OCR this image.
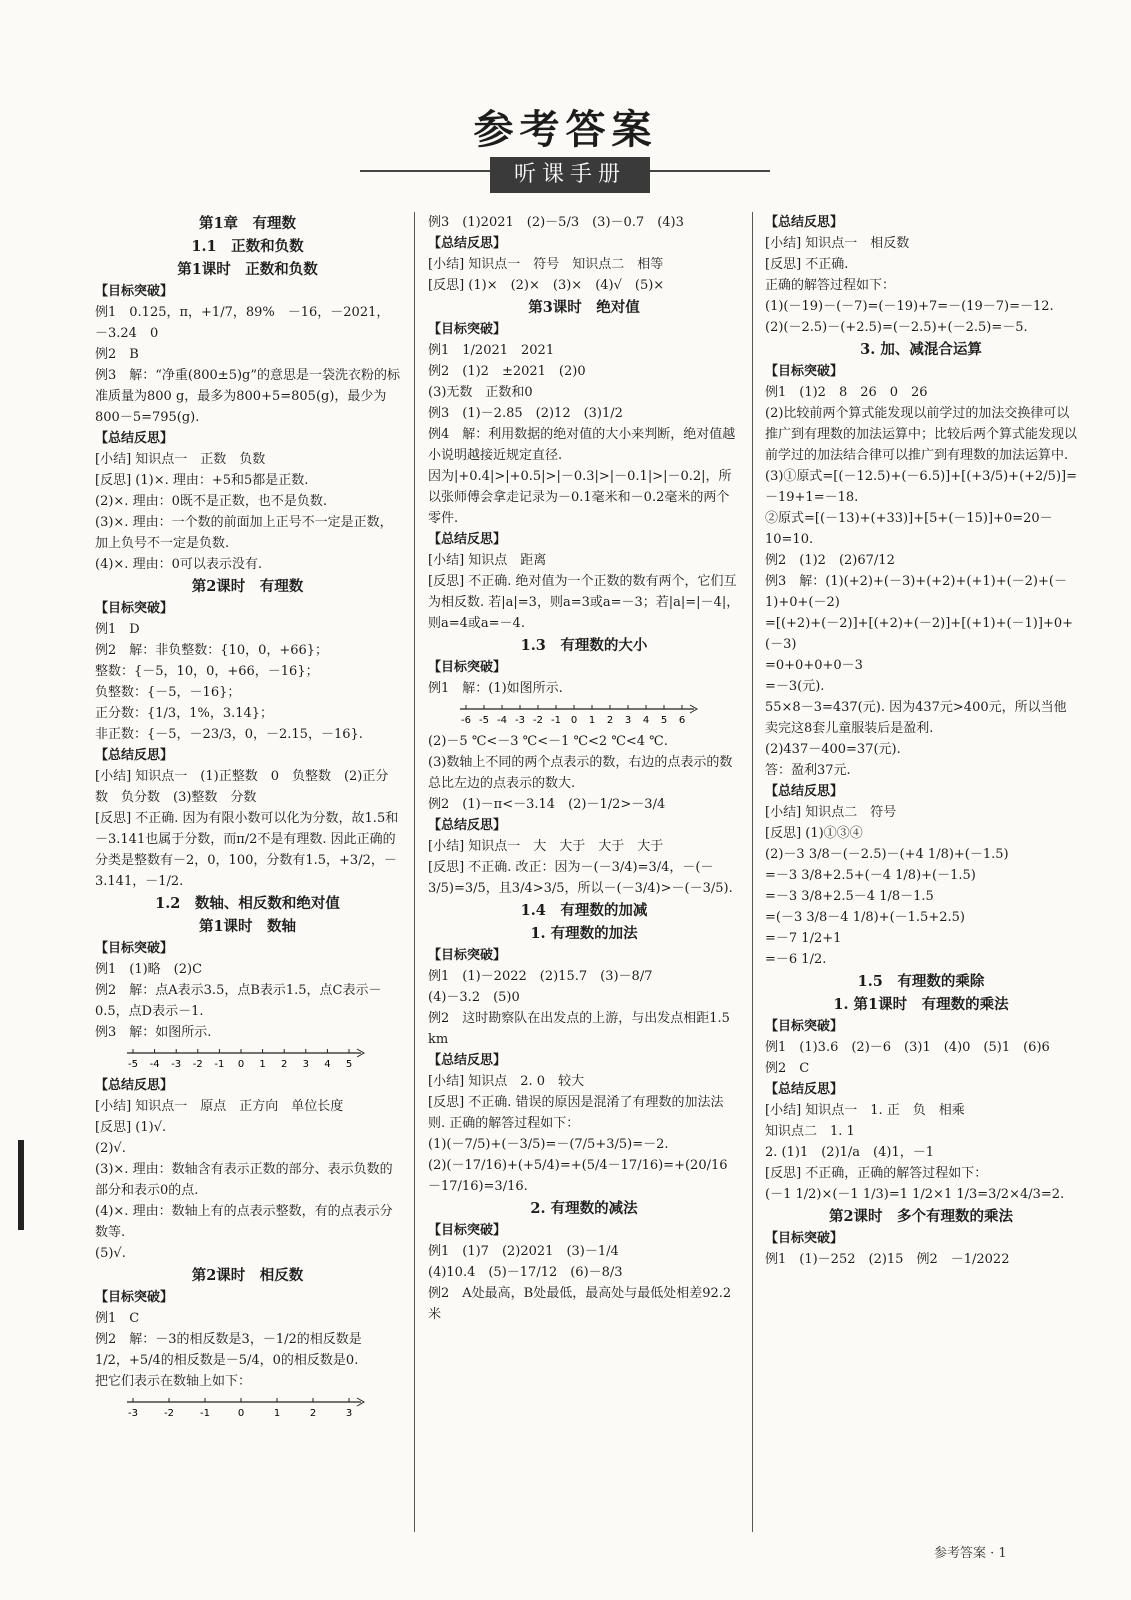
参考答案
听课手册
第1章　有理数
1.1　正数和负数
第1课时　正数和负数
【目标突破】
例1　0.125，π，+1/7，89%　－16，－2021，－3.24　0
例2　B
例3　解：“净重(800±5)g”的意思是一袋洗衣粉的标准质量为800 g，最多为800+5=805(g)，最少为800－5=795(g).
【总结反思】
[小结] 知识点一　正数　负数
[反思] (1)×. 理由：+5和5都是正数.
(2)×. 理由：0既不是正数，也不是负数.
(3)×. 理由：一个数的前面加上正号不一定是正数，加上负号不一定是负数.
(4)×. 理由：0可以表示没有.
第2课时　有理数
【目标突破】
例1　D
例2　解：非负整数：{10，0，+66}；
整数：{－5，10，0，+66，－16}；
负整数：{－5，－16}；
正分数：{1/3，1%，3.14}；
非正数：{－5，－23/3，0，－2.15，－16}.
【总结反思】
[小结] 知识点一　(1)正整数　0　负整数　(2)正分数　负分数　(3)整数　分数
[反思] 不正确. 因为有限小数可以化为分数，故1.5和－3.141也属于分数，而π/2不是有理数. 因此正确的分类是整数有－2，0，100，分数有1.5，+3/2，－3.141，－1/2.
1.2　数轴、相反数和绝对值
第1课时　数轴
【目标突破】
例1　(1)略　(2)C
例2　解：点A表示3.5，点B表示1.5，点C表示－0.5，点D表示－1.
例3　解：如图所示.
-5 -4 -3 -2 -1 0 1 2 3 4 5
【总结反思】
[小结] 知识点一　原点　正方向　单位长度
[反思] (1)√.
(2)√.
(3)×. 理由：数轴含有表示正数的部分、表示负数的部分和表示0的点.
(4)×. 理由：数轴上有的点表示整数，有的点表示分数等.
(5)√.
第2课时　相反数
【目标突破】
例1　C
例2　解：－3的相反数是3，－1/2的相反数是1/2，+5/4的相反数是－5/4，0的相反数是0.
把它们表示在数轴上如下：
-3	-2	-1	0	1	2	3
例3　(1)2021　(2)－5/3　(3)－0.7　(4)3
【总结反思】
[小结] 知识点一　符号　知识点二　相等
[反思] (1)×　(2)×　(3)×　(4)√　(5)×
第3课时　绝对值
【目标突破】
例1　1/2021　2021
例2　(1)2　±2021　(2)0
(3)无数　正数和0
例3　(1)－2.85　(2)12　(3)1/2
例4　解：利用数据的绝对值的大小来判断，绝对值越小说明越接近规定直径.
因为|+0.4|>|+0.5|>|－0.3|>|－0.1|>|－0.2|，所以张师傅会拿走记录为－0.1毫米和－0.2毫米的两个零件.
【总结反思】
[小结] 知识点　距离
[反思] 不正确. 绝对值为一个正数的数有两个，它们互为相反数. 若|a|=3，则a=3或a=－3；若|a|=|－4|，则a=4或a=－4.
1.3　有理数的大小
【目标突破】
例1　解：(1)如图所示.
-6 -5 -4 -3 -2 -1 0 1 2 3 4 5 6
(2)－5 ℃<－3 ℃<－1 ℃<2 ℃<4 ℃.
(3)数轴上不同的两个点表示的数，右边的点表示的数总比左边的点表示的数大.
例2　(1)－π<－3.14　(2)－1/2>－3/4
【总结反思】
[小结] 知识点一　大　大于　大于　大于
[反思] 不正确. 改正：因为－(－3/4)=3/4，－(－3/5)=3/5，且3/4>3/5，所以－(－3/4)>－(－3/5).
1.4　有理数的加减
1. 有理数的加法
【目标突破】
例1　(1)－2022　(2)15.7　(3)－8/7
(4)－3.2　(5)0
例2　这时勘察队在出发点的上游，与出发点相距1.5 km
【总结反思】
[小结] 知识点　2. 0　较大
[反思] 不正确. 错误的原因是混淆了有理数的加法法则. 正确的解答过程如下：
(1)(－7/5)+(－3/5)=－(7/5+3/5)=－2.
(2)(－17/16)+(+5/4)=+(5/4－17/16)=+(20/16－17/16)=3/16.
2. 有理数的减法
【目标突破】
例1　(1)7　(2)2021　(3)－1/4
(4)10.4　(5)－17/12　(6)－8/3
例2　A处最高，B处最低，最高处与最低处相差92.2米
【总结反思】
[小结] 知识点一　相反数
[反思] 不正确.
正确的解答过程如下：
(1)(－19)－(－7)=(－19)+7=－(19－7)=－12.
(2)(－2.5)－(+2.5)=(－2.5)+(－2.5)=－5.
3. 加、减混合运算
【目标突破】
例1　(1)2　8　26　0　26
(2)比较前两个算式能发现以前学过的加法交换律可以推广到有理数的加法运算中；比较后两个算式能发现以前学过的加法结合律可以推广到有理数的加法运算中.
(3)①原式=[(－12.5)+(－6.5)]+[(+3/5)+(+2/5)]=－19+1=－18.
②原式=[(－13)+(+33)]+[5+(－15)]+0=20－10=10.
例2　(1)2　(2)67/12
例3　解：(1)(+2)+(－3)+(+2)+(+1)+(－2)+(－1)+0+(－2)
=[(+2)+(－2)]+[(+2)+(－2)]+[(+1)+(－1)]+0+(－3)
=0+0+0+0－3
=－3(元).
55×8－3=437(元). 因为437元>400元，所以当他卖完这8套儿童服装后是盈利.
(2)437－400=37(元).
答：盈利37元.
【总结反思】
[小结] 知识点二　符号
[反思] (1)①③④
(2)－3 3/8－(－2.5)－(+4 1/8)+(－1.5)
=－3 3/8+2.5+(－4 1/8)+(－1.5)
=－3 3/8+2.5－4 1/8－1.5
=(－3 3/8－4 1/8)+(－1.5+2.5)
=－7 1/2+1
=－6 1/2.
1.5　有理数的乘除
1. 第1课时　有理数的乘法
【目标突破】
例1　(1)3.6　(2)－6　(3)1　(4)0　(5)1　(6)6
例2　C
【总结反思】
[小结] 知识点一　1. 正　负　相乘
知识点二　1. 1
2. (1)1　(2)1/a　(4)1，－1
[反思] 不正确，正确的解答过程如下：
(－1 1/2)×(－1 1/3)=1 1/2×1 1/3=3/2×4/3=2.
第2课时　多个有理数的乘法
【目标突破】
例1　(1)－252　(2)15　例2　－1/2022
参考答案 · 1
